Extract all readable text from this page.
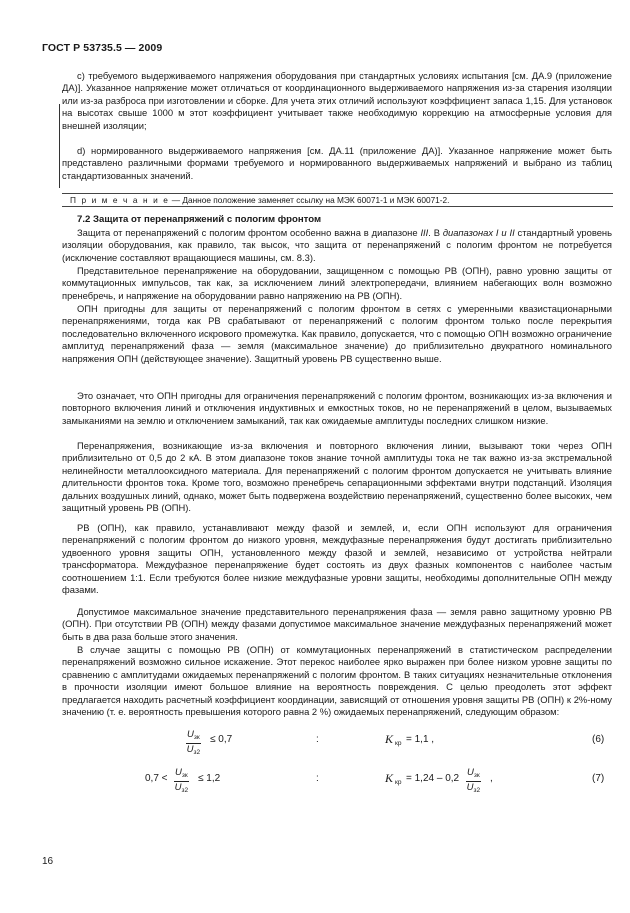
ГОСТ Р 53735.5 — 2009

с) требуемого выдерживаемого напряжения оборудования при стандартных условиях испытания [см. ДА.9 (приложение ДА)]. Указанное напряжение может отличаться от координационного выдерживаемого напряжения из-за старения изоляции или из-за разброса при изготовлении и сборке. Для учета этих отличий используют коэффициент запаса 1,15. Для установок на высотах свыше 1000 м этот коэффициент учитывает также необходимую коррекцию на атмосферные условия для внешней изоляции;

d) нормированного выдерживаемого напряжения [см. ДА.11 (приложение ДА)]. Указанное напряжение может быть представлено различными формами требуемого и нормированного выдерживаемых напряжений и выбрано из таблиц стандартизованных значений.

П р и м е ч а н и е — Данное положение заменяет ссылку на МЭК 60071-1 и МЭК 60071-2.
7.2 Защита от перенапряжений с пологим фронтом

Защита от перенапряжений с пологим фронтом особенно важна в диапазоне III. В диапазонах I и II стандартный уровень изоляции оборудования, как правило, так высок, что защита от перенапряжений с пологим фронтом не потребуется (исключение составляют вращающиеся машины, см. 8.3).

Представительное перенапряжение на оборудовании, защищенном с помощью РВ (ОПН), равно уровню защиты от коммутационных импульсов, так как, за исключением линий электропередачи, влиянием набегающих волн возможно пренебречь, и напряжение на оборудовании равно напряжению на РВ (ОПН).

ОПН пригодны для защиты от перенапряжений с пологим фронтом в сетях с умеренными квазистационарными перенапряжениями, тогда как РВ срабатывают от перенапряжений с пологим фронтом только после перекрытия последовательно включенного искрового промежутка. Как правило, допускается, что с помощью ОПН возможно ограничение амплитуд перенапряжений фаза — земля (максимальное значение) до приблизительно двукратного номинального напряжения ОПН (действующее значение). Защитный уровень РВ существенно выше.

Это означает, что ОПН пригодны для ограничения перенапряжений с пологим фронтом, возникающих из-за включения и повторного включения линий и отключения индуктивных и емкостных токов, но не перенапряжений в целом, вызываемых замыканиями на землю и отключением замыканий, так как ожидаемые амплитуды последних слишком низкие.

Перенапряжения, возникающие из-за включения и повторного включения линии, вызывают токи через ОПН приблизительно от 0,5 до 2 кА. В этом диапазоне токов знание точной амплитуды тока не так важно из-за экстремальной нелинейности металлооксидного материала. Для перенапряжений с пологим фронтом допускается не учитывать влияние длительности фронтов тока. Кроме того, возможно пренебречь сепарационными эффектами внутри подстанций. Изоляция дальних воздушных линий, однако, может быть подвержена воздействию перенапряжений, существенно более высоких, чем защитный уровень РВ (ОПН).

РВ (ОПН), как правило, устанавливают между фазой и землей, и, если ОПН используют для ограничения перенапряжений с пологим фронтом до низкого уровня, междуфазные перенапряжения будут достигать приблизительно удвоенного уровня защиты ОПН, установленного между фазой и землей, независимо от устройства нейтрали трансформатора. Междуфазное перенапряжение будет состоять из двух фазных компонентов с наиболее частым соотношением 1:1. Если требуются более низкие междуфазные уровни защиты, необходимы дополнительные ОПН между фазами.

Допустимое максимальное значение представительного перенапряжения фаза — земля равно защитному уровню РВ (ОПН). При отсутствии РВ (ОПН) между фазами допустимое максимальное значение междуфазных перенапряжений может быть в два раза больше этого значения.

В случае защиты с помощью РВ (ОПН) от коммутационных перенапряжений в статистическом распределении перенапряжений возможно сильное искажение. Этот перекос наиболее ярко выражен при более низком уровне защиты по сравнению с амплитудами ожидаемых перенапряжений с пологим фронтом. В таких ситуациях незначительные отклонения в прочности изоляции имеют большое влияние на вероятность повреждения. С целью преодолеть этот эффект предлагается находить расчетный коэффициент координации, зависящий от отношения уровня защиты РВ (ОПН) к 2%-ному значению (т. е. вероятность превышения которого равна 2 %) ожидаемых перенапряжений, следующим образом:

$U_{зк}$
$U_{з2}$
≤ 0,7	:	K кр = 1,1 ,	(6)
0,7 <
$U_{зк}$
$U_{з2}$
≤ 1,2	:	K кр = 1,24 – 0,2
$U_{зк}$
$U_{з2}$
,	(7)
16
